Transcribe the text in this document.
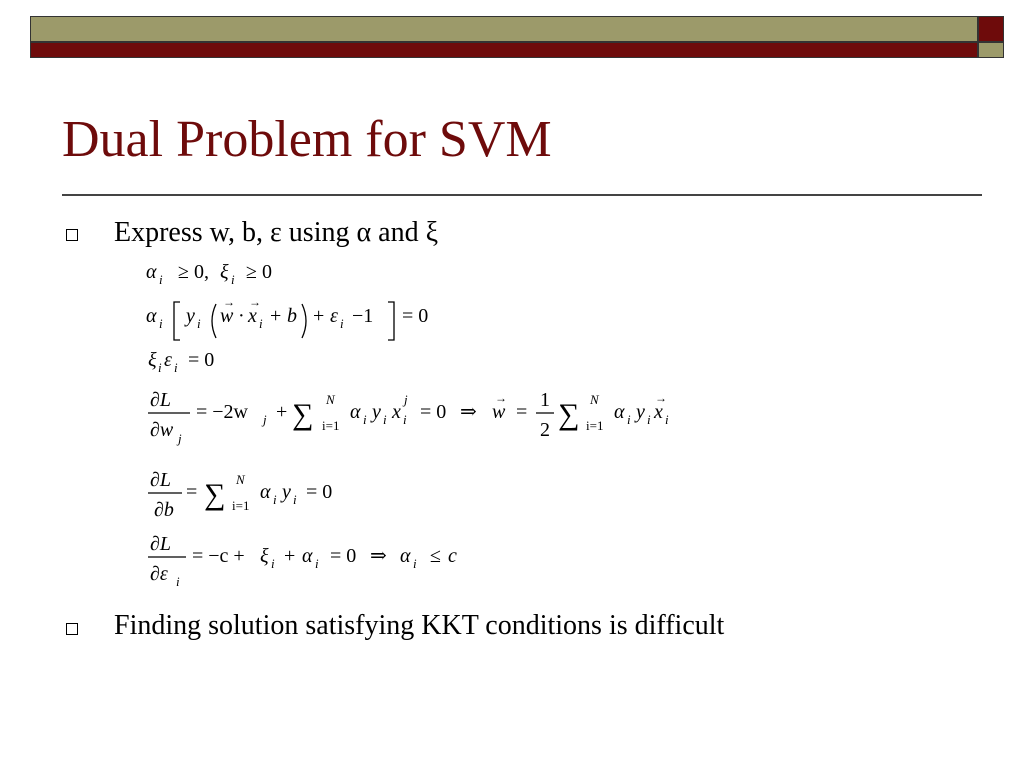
Dual Problem for SVM
Express w, b, ε using α and ξ
α i ≥ 0, ξ i ≥ 0
α i y i w
→
· x
→
i + b + ε i −1 = 0
ξ i ε i = 0
∂L
∂w j
= −2w j + ∑ N
i=1
α i y i x i
j
= 0 ⇒ w
→
=
1
2 ∑ N
i=1
α i y i x
→
i
∂L
∂b
= ∑ N
i=1
α i y i = 0
∂L
∂ε i
= −c + ξ i + α i = 0 ⇒ α i ≤ c
Finding solution satisfying KKT conditions is difficult
